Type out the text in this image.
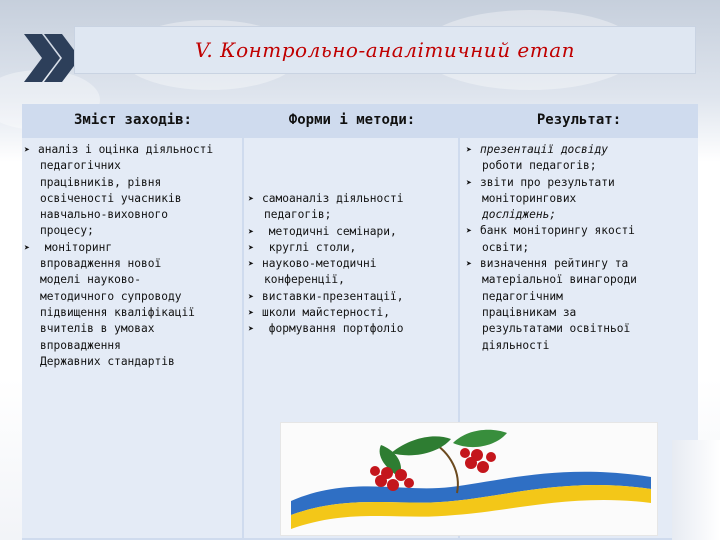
V. Контрольно-аналітичний етап
Зміст заходів:	Форми і методи:	Результат:
➤ аналіз і оцінка діяльності
педагогічних
працівників, рівня
освіченості учасників
навчально-виховного
процесу;
➤ моніторинг
впровадження нової
моделі науково-
методичного супроводу
підвищення кваліфікації
вчителів в умовах
впровадження
Державних стандартів
➤ самоаналіз діяльності
педагогів;
➤ методичні семінари,
➤ круглі столи,
➤ науково-методичні
конференції,
➤ виставки-презентації,
➤ школи майстерності,
➤ формування портфоліо
➤ презентації досвіду
роботи педагогів;
➤ звіти про результати
моніторингових
досліджень;
➤ банк моніторингу якості
освіти;
➤ визначення рейтингу та
матеріальної винагороди
педагогічним
працівникам за
результатами освітньої
діяльності
